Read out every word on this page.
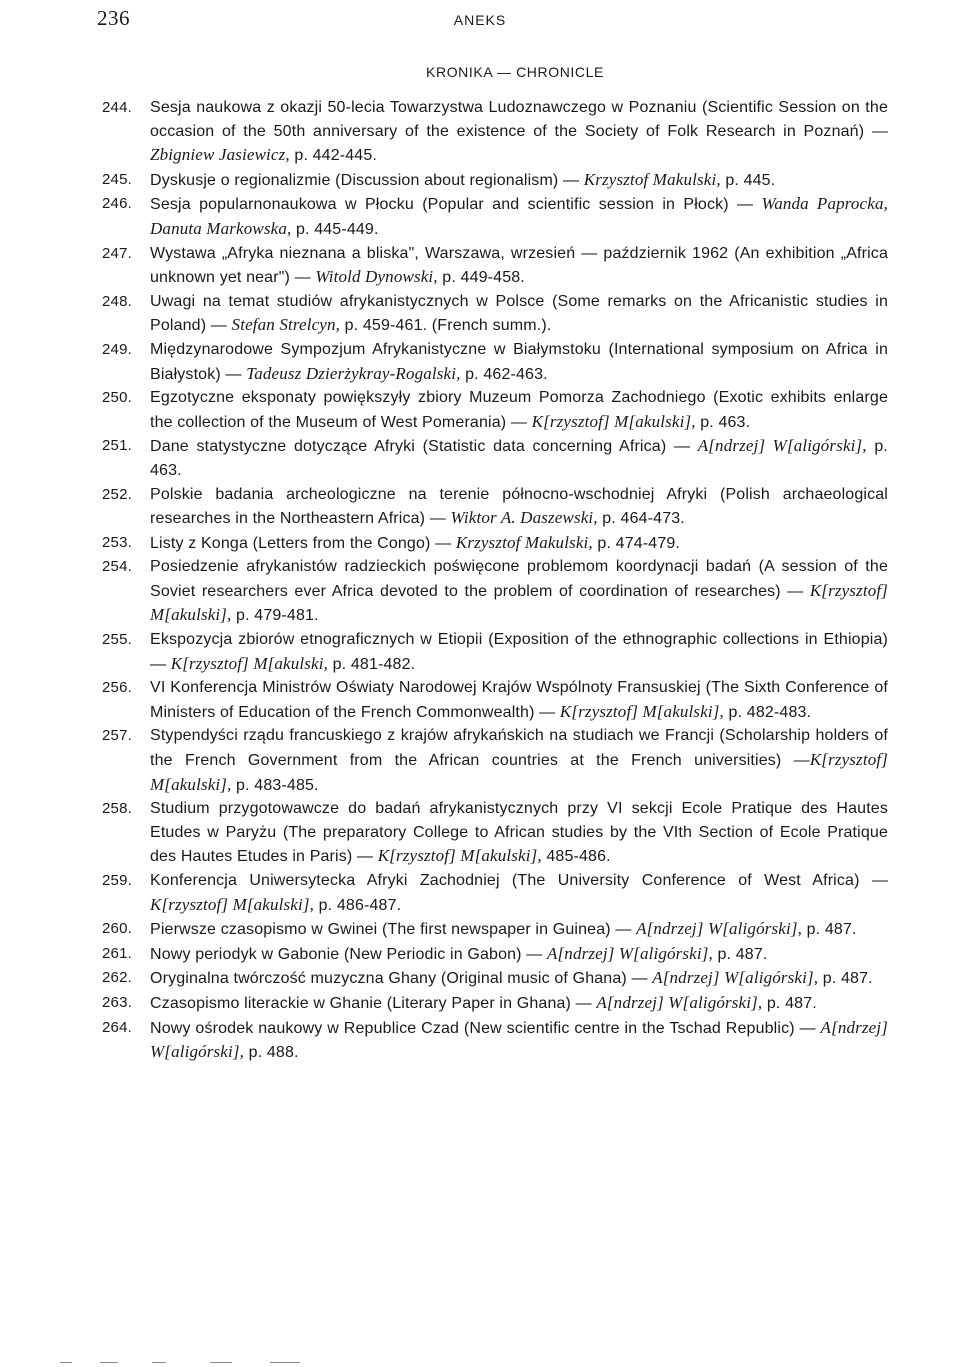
236	ANEKS
KRONIKA — CHRONICLE
244.	Sesja naukowa z okazji 50-lecia Towarzystwa Ludoznawczego w Poznaniu (Scientific Session on the occasion of the 50th anniversary of the existence of the Society of Folk Research in Poznań) — Zbigniew Jasiewicz, p. 442-445.
245.	Dyskusje o regionalizmie (Discussion about regionalism) — Krzysztof Makulski, p. 445.
246.	Sesja popularnonaukowa w Płocku (Popular and scientific session in Płock) — Wanda Paprocka, Danuta Markowska, p. 445-449.
247.	Wystawa „Afryka nieznana a bliska", Warszawa, wrzesień — październik 1962 (An exhibition „Africa unknown yet near") — Witold Dynowski, p. 449-458.
248.	Uwagi na temat studiów afrykanistycznych w Polsce (Some remarks on the Africanistic studies in Poland) — Stefan Strelcyn, p. 459-461. (French summ.).
249.	Międzynarodowe Sympozjum Afrykanistyczne w Białymstoku (International symposium on Africa in Białystok) — Tadeusz Dzierżykray-Rogalski, p. 462-463.
250.	Egzotyczne eksponaty powiększyły zbiory Muzeum Pomorza Zachodniego (Exotic exhibits enlarge the collection of the Museum of West Pomerania) — K[rzysztof] M[akulski], p. 463.
251.	Dane statystyczne dotyczące Afryki (Statistic data concerning Africa) — A[ndrzej] W[aligórski], p. 463.
252.	Polskie badania archeologiczne na terenie północno-wschodniej Afryki (Polish archaeological researches in the Northeastern Africa) — Wiktor A. Daszewski, p. 464-473.
253.	Listy z Konga (Letters from the Congo) — Krzysztof Makulski, p. 474-479.
254.	Posiedzenie afrykanistów radzieckich poświęcone problemom koordynacji badań (A session of the Soviet researchers ever Africa devoted to the problem of coordination of researches) — K[rzysztof] M[akulski], p. 479-481.
255.	Ekspozycja zbiorów etnograficznych w Etiopii (Exposition of the ethnographic collections in Ethiopia) — K[rzysztof] M[akulski, p. 481-482.
256.	VI Konferencja Ministrów Oświaty Narodowej Krajów Wspólnoty Fransuskiej (The Sixth Conference of Ministers of Education of the French Commonwealth) — K[rzysztof] M[akulski], p. 482-483.
257.	Stypendyści rządu francuskiego z krajów afrykańskich na studiach we Francji (Scholarship holders of the French Government from the African countries at the French universities) —K[rzysztof] M[akulski], p. 483-485.
258.	Studium przygotowawcze do badań afrykanistycznych przy VI sekcji Ecole Pratique des Hautes Etudes w Paryżu (The preparatory College to African studies by the VIth Section of Ecole Pratique des Hautes Etudes in Paris) — K[rzysztof] M[akulski], 485-486.
259.	Konferencja Uniwersytecka Afryki Zachodniej (The University Conference of West Africa) — K[rzysztof] M[akulski], p. 486-487.
260.	Pierwsze czasopismo w Gwinei (The first newspaper in Guinea) — A[ndrzej] W[aligórski], p. 487.
261.	Nowy periodyk w Gabonie (New Periodic in Gabon) — A[ndrzej] W[aligórski], p. 487.
262.	Oryginalna twórczość muzyczna Ghany (Original music of Ghana) — A[ndrzej] W[aligórski], p. 487.
263.	Czasopismo literackie w Ghanie (Literary Paper in Ghana) — A[ndrzej] W[aligórski], p. 487.
264.	Nowy ośrodek naukowy w Republice Czad (New scientific centre in the Tschad Republic) — A[ndrzej] W[aligórski], p. 488.
